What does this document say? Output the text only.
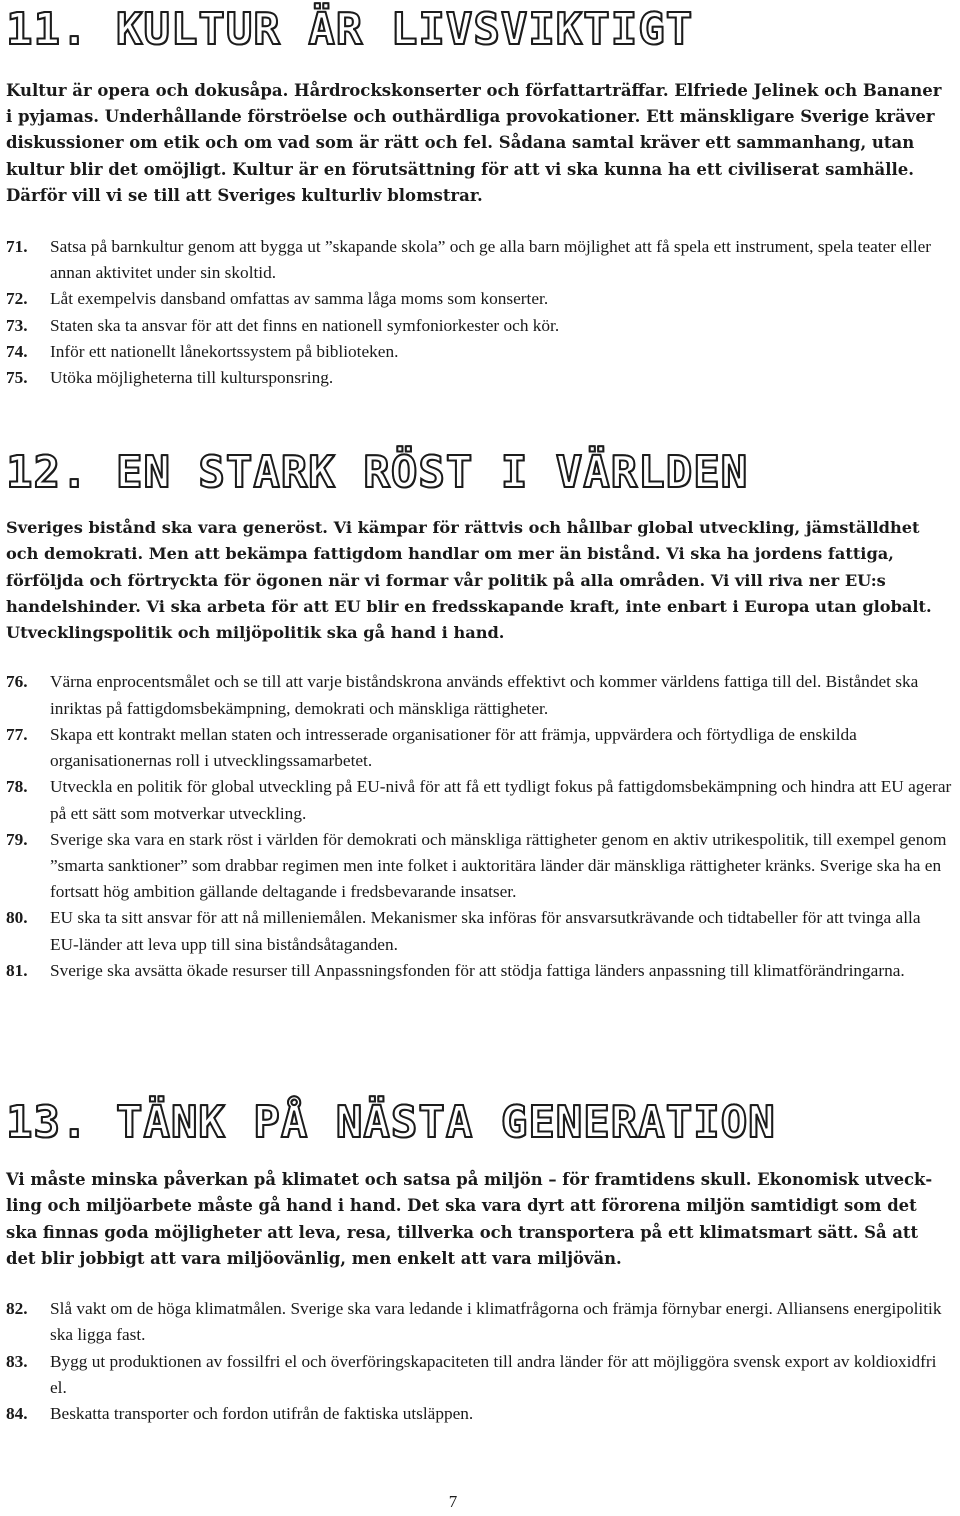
11. KULTUR ÄR LIVSVIKTIGT

Kultur är opera och dokusåpa. Hårdrockskonserter och författarträffar. Elfriede Jelinek och Bananer i pyjamas. Underhållande förströelse och outhärdliga provokationer. Ett mänskligare Sverige kräver diskussioner om etik och om vad som är rätt och fel. Sådana samtal kräver ett sammanhang, utan kultur blir det omöjligt. Kultur är en förutsättning för att vi ska kunna ha ett civiliserat samhälle. Därför vill vi se till att Sveriges kulturliv blomstrar.

71. Satsa på barnkultur genom att bygga ut ”skapande skola” och ge alla barn möjlighet att få spela ett instrument, spela teater eller annan aktivitet under sin skoltid.
72. Låt exempelvis dansband omfattas av samma låga moms som konserter.
73. Staten ska ta ansvar för att det finns en nationell symfoniorkester och kör.
74. Inför ett nationellt lånekortssystem på biblioteken.
75. Utöka möjligheterna till kultursponsring.
12. EN STARK RÖST I VÄRLDEN

Sveriges bistånd ska vara generöst. Vi kämpar för rättvis och hållbar global utveckling, jämställdhet och demokrati. Men att bekämpa fattigdom handlar om mer än bistånd. Vi ska ha jordens fattiga, förföljda och förtryckta för ögonen när vi formar vår politik på alla områden. Vi vill riva ner EU:s handelshinder. Vi ska arbeta för att EU blir en fredsskapande kraft, inte enbart i Europa utan globalt. Utvecklingspolitik och miljöpolitik ska gå hand i hand.

76. Värna enprocentsmålet och se till att varje biståndskrona används effektivt och kommer världens fattiga till del. Biståndet ska inriktas på fattigdomsbekämpning, demokrati och mänskliga rättigheter.
77. Skapa ett kontrakt mellan staten och intresserade organisationer för att främja, uppvärdera och förtydliga de enskilda organisationernas roll i utvecklingssamarbetet.
78. Utveckla en politik för global utveckling på EU-nivå för att få ett tydligt fokus på fattigdomsbekämpning och hindra att EU agerar på ett sätt som motverkar utveckling.
79. Sverige ska vara en stark röst i världen för demokrati och mänskliga rättigheter genom en aktiv utrikespolitik, till exempel genom ”smarta sanktioner” som drabbar regimen men inte folket i auktoritära länder där mänskliga rättigheter kränks. Sverige ska ha en fortsatt hög ambition gällande deltagande i fredsbevarande insatser.
80. EU ska ta sitt ansvar för att nå milleniemålen. Mekanismer ska införas för ansvarsutkrävande och tidtabeller för att tvinga alla EU-länder att leva upp till sina biståndsåtaganden.
81. Sverige ska avsätta ökade resurser till Anpassningsfonden för att stödja fattiga länders anpassning till klimatförändringarna.
13. TÄNK PÅ NÄSTA GENERATION

Vi måste minska påverkan på klimatet och satsa på miljön – för framtidens skull. Ekonomisk utveckling och miljöarbete måste gå hand i hand. Det ska vara dyrt att förorena miljön samtidigt som det ska finnas goda möjligheter att leva, resa, tillverka och transportera på ett klimatsmart sätt. Så att det blir jobbigt att vara miljöovänlig, men enkelt att vara miljövän.

82. Slå vakt om de höga klimatmålen. Sverige ska vara ledande i klimatfrågorna och främja förnybar energi. Alliansens energipolitik ska ligga fast.
83. Bygg ut produktionen av fossilfri el och överföringskapaciteten till andra länder för att möjliggöra svensk export av koldioxidfri el.
84. Beskatta transporter och fordon utifrån de faktiska utsläppen.
7
